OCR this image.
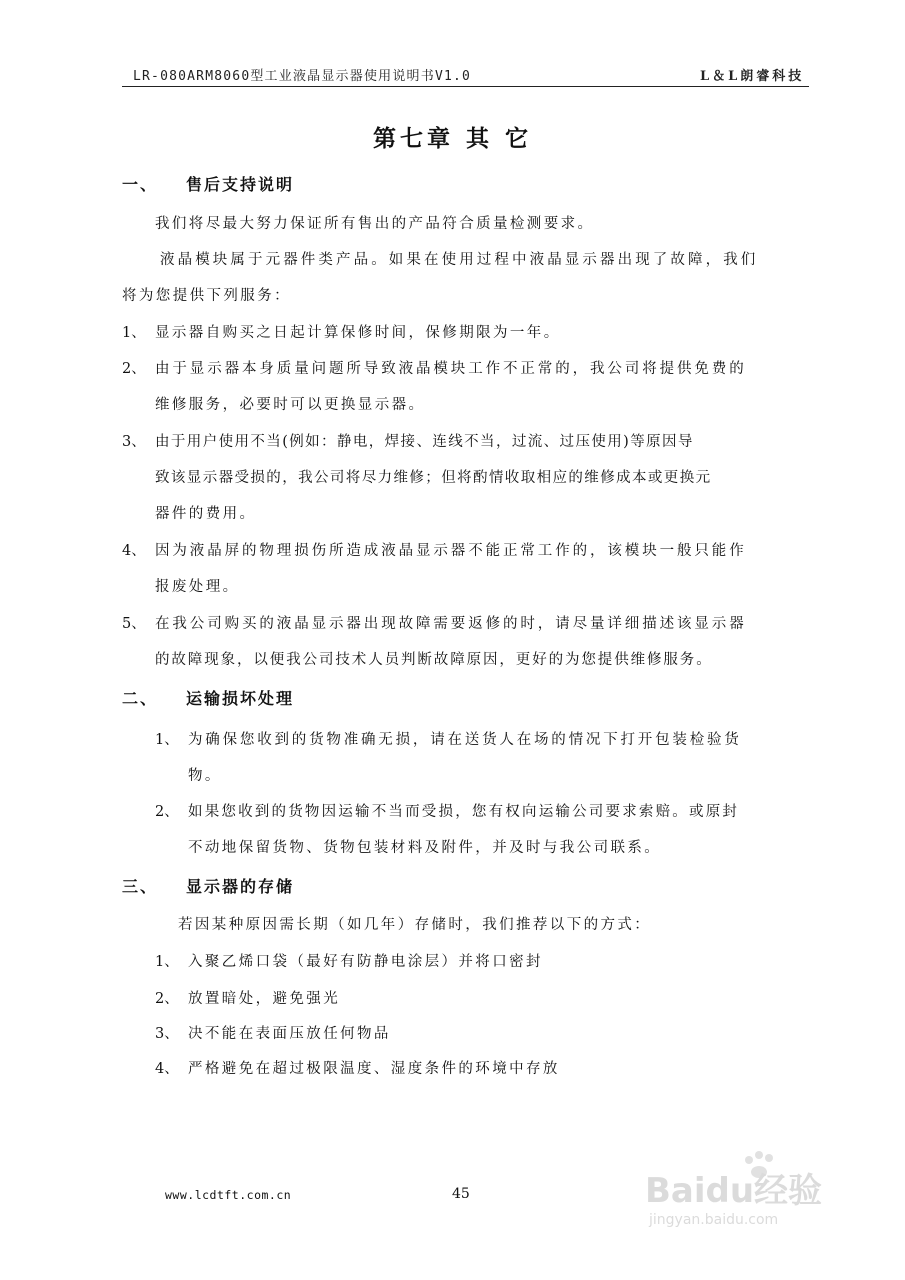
LR-080ARM8060型工业液晶显示器使用说明书V1.0	L＆L朗睿科技
第七章 其 它
一、 售后支持说明
我们将尽最大努力保证所有售出的产品符合质量检测要求。
液晶模块属于元器件类产品。如果在使用过程中液晶显示器出现了故障，我们
将为您提供下列服务：
1、 显示器自购买之日起计算保修时间，保修期限为一年。
2、 由于显示器本身质量问题所导致液晶模块工作不正常的，我公司将提供免费的
维修服务，必要时可以更换显示器。
3、 由于用户使用不当(例如：静电，焊接、连线不当，过流、过压使用)等原因导
致该显示器受损的，我公司将尽力维修；但将酌情收取相应的维修成本或更换元
器件的费用。
4、 因为液晶屏的物理损伤所造成液晶显示器不能正常工作的，该模块一般只能作
报废处理。
5、 在我公司购买的液晶显示器出现故障需要返修的时，请尽量详细描述该显示器
的故障现象，以便我公司技术人员判断故障原因，更好的为您提供维修服务。
二、 运输损坏处理
1、 为确保您收到的货物准确无损，请在送货人在场的情况下打开包装检验货
物。
2、 如果您收到的货物因运输不当而受损，您有权向运输公司要求索赔。或原封
不动地保留货物、货物包装材料及附件，并及时与我公司联系。
三、 显示器的存储
若因某种原因需长期（如几年）存储时，我们推荐以下的方式：
1、 入聚乙烯口袋（最好有防静电涂层）并将口密封
2、 放置暗处，避免强光
3、 决不能在表面压放任何物品
4、 严格避免在超过极限温度、湿度条件的环境中存放
www.lcdtft.com.cn	45	Baidu经验
jingyan.baidu.com
